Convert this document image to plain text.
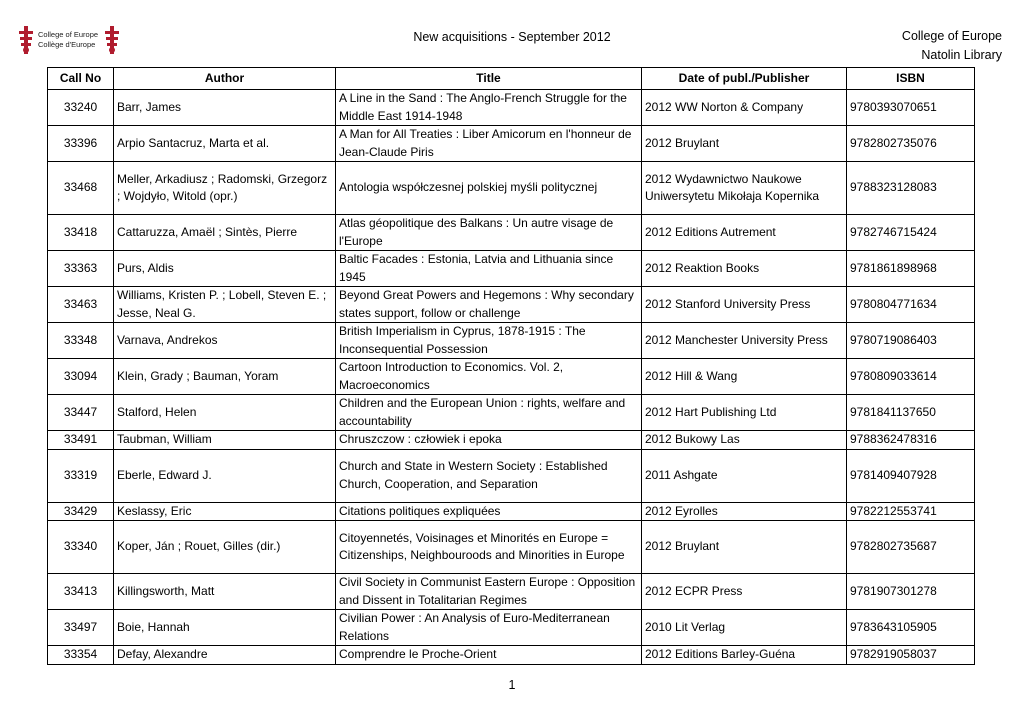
College of Europe
Collège d'Europe
New acquisitions - September 2012	College of Europe
Natolin Library
Call No	Author	Title	Date of publ./Publisher	ISBN
33240	Barr, James	A Line in the Sand : The Anglo-French Struggle for the Middle East 1914-1948	2012 WW Norton & Company	9780393070651
33396	Arpio Santacruz, Marta et al.	A Man for All Treaties : Liber Amicorum en l'honneur de Jean-Claude Piris	2012 Bruylant	9782802735076
33468	Meller, Arkadiusz ; Radomski, Grzegorz ; Wojdyło, Witold (opr.)	Antologia współczesnej polskiej myśli politycznej	2012 Wydawnictwo Naukowe Uniwersytetu Mikołaja Kopernika	9788323128083
33418	Cattaruzza, Amaël ; Sintès, Pierre	Atlas géopolitique des Balkans : Un autre visage de l'Europe	2012 Editions Autrement	9782746715424
33363	Purs, Aldis	Baltic Facades : Estonia, Latvia and Lithuania since 1945	2012 Reaktion Books	9781861898968
33463	Williams, Kristen P. ; Lobell, Steven E. ; Jesse, Neal G.	Beyond Great Powers and Hegemons : Why secondary states support, follow or challenge	2012 Stanford University Press	9780804771634
33348	Varnava, Andrekos	British Imperialism in Cyprus, 1878-1915 : The Inconsequential Possession	2012 Manchester University Press	9780719086403
33094	Klein, Grady ; Bauman, Yoram	Cartoon Introduction to Economics. Vol. 2, Macroeconomics	2012 Hill & Wang	9780809033614
33447	Stalford, Helen	Children and the European Union : rights, welfare and accountability	2012 Hart Publishing Ltd	9781841137650
33491	Taubman, William	Chruszczow : człowiek i epoka	2012 Bukowy Las	9788362478316
33319	Eberle, Edward J.	Church and State in Western Society : Established Church, Cooperation, and Separation	2011 Ashgate	9781409407928
33429	Keslassy, Eric	Citations politiques expliquées	2012 Eyrolles	9782212553741
33340	Koper, Ján ; Rouet, Gilles (dir.)	Citoyennetés, Voisinages et Minorités en Europe = Citizenships, Neighbouroods and Minorities in Europe	2012 Bruylant	9782802735687
33413	Killingsworth, Matt	Civil Society in Communist Eastern Europe : Opposition and Dissent in Totalitarian Regimes	2012 ECPR Press	9781907301278
33497	Boie, Hannah	Civilian Power : An Analysis of Euro-Mediterranean Relations	2010 Lit Verlag	9783643105905
33354	Defay, Alexandre	Comprendre le Proche-Orient	2012 Editions Barley-Guéna	9782919058037
1
